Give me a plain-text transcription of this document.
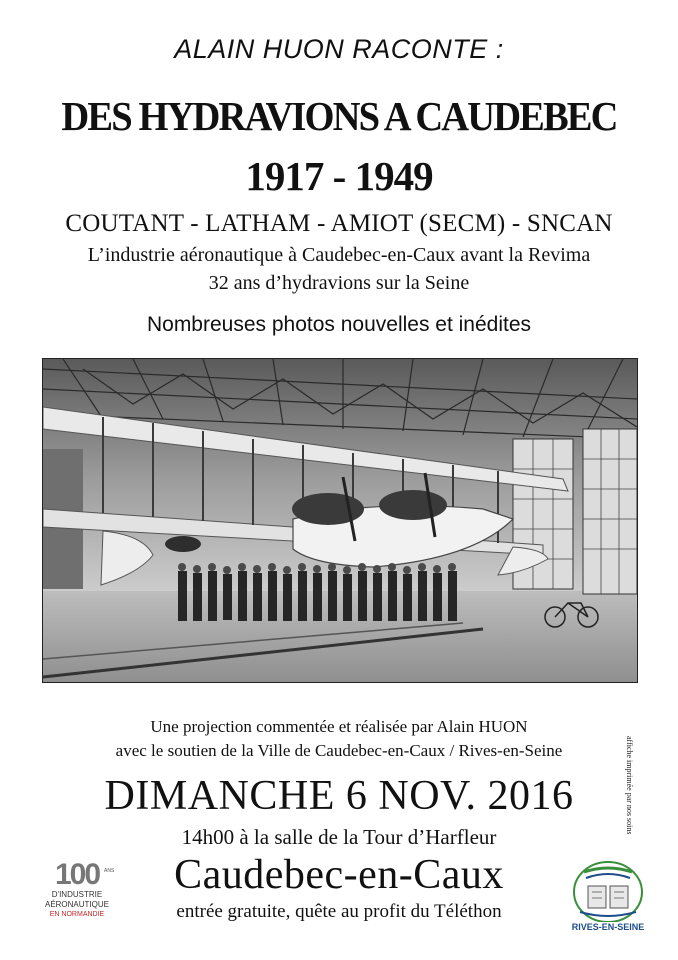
ALAIN HUON RACONTE :
DES HYDRAVIONS A CAUDEBEC
1917 - 1949
COUTANT - LATHAM - AMIOT (SECM) - SNCAN
L’industrie aéronautique à Caudebec-en-Caux avant la Revima
32 ans d’hydravions sur la Seine
Nombreuses photos nouvelles et inédites
Une projection commentée et réalisée par Alain HUON
avec le soutien de la Ville de Caudebec-en-Caux / Rives-en-Seine	affiche imprimée par nos soins
DIMANCHE 6 NOV. 2016
14h00 à la salle de la Tour d’Harfleur
Caudebec-en-Caux
entrée gratuite, quête au profit du Téléthon
100 ANS
D'INDUSTRIE
AÉRONAUTIQUE
EN NORMANDIE
RIVES-EN-SEINE
